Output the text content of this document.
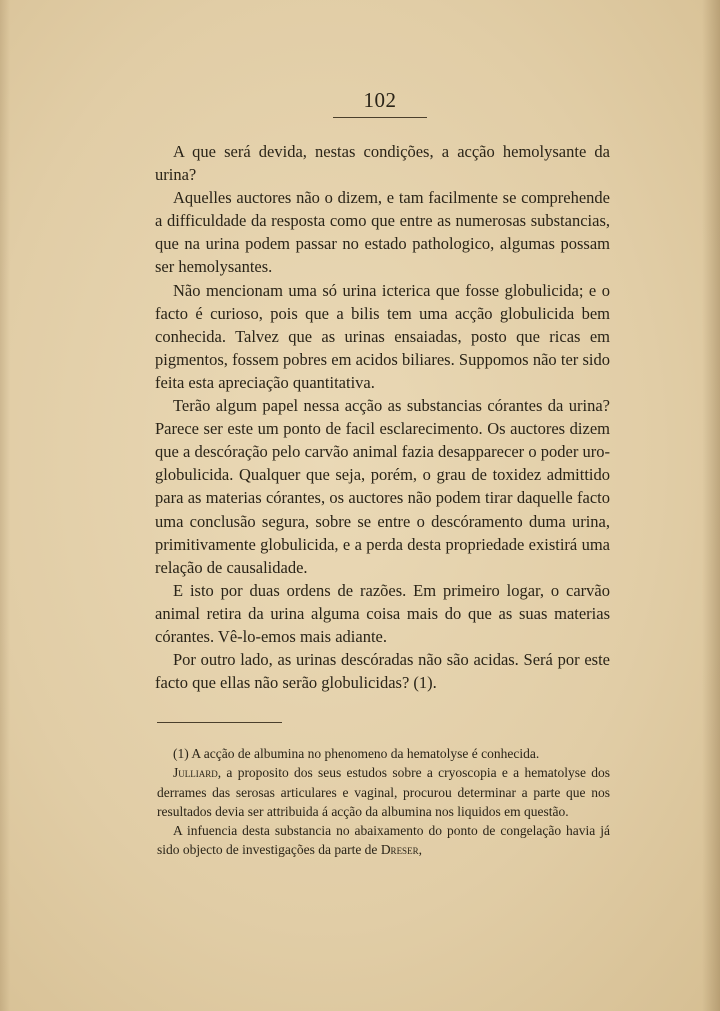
102

A que será devida, nestas condições, a acção hemolysante da urina?

Aquelles auctores não o dizem, e tam facilmente se comprehende a difficuldade da resposta como que entre as numerosas substancias, que na urina podem passar no estado pathologico, algumas possam ser hemolysantes.

Não mencionam uma só urina icterica que fosse globulicida; e o facto é curioso, pois que a bilis tem uma acção globulicida bem conhecida. Talvez que as urinas ensaiadas, posto que ricas em pigmentos, fossem pobres em acidos biliares. Suppomos não ter sido feita esta apreciação quantitativa.

Terão algum papel nessa acção as substancias córantes da urina? Parece ser este um ponto de facil esclarecimento. Os auctores dizem que a descóração pelo carvão animal fazia desapparecer o poder uro-globulicida. Qualquer que seja, porém, o grau de toxidez admittido para as materias córantes, os auctores não podem tirar daquelle facto uma conclusão segura, sobre se entre o descóramento duma urina, primitivamente globulicida, e a perda desta propriedade existirá uma relação de causalidade.

E isto por duas ordens de razões. Em primeiro logar, o carvão animal retira da urina alguma coisa mais do que as suas materias córantes. Vê-lo-emos mais adiante.

Por outro lado, as urinas descóradas não são acidas. Será por este facto que ellas não serão globulicidas? (1).

(1) A acção de albumina no phenomeno da hematolyse é conhecida.

Julliard, a proposito dos seus estudos sobre a cryoscopia e a hematolyse dos derrames das serosas articulares e vaginal, procurou determinar a parte que nos resultados devia ser attribuida á acção da albumina nos liquidos em questão.

A infuencia desta substancia no abaixamento do ponto de congelação havia já sido objecto de investigações da parte de Dreser,
